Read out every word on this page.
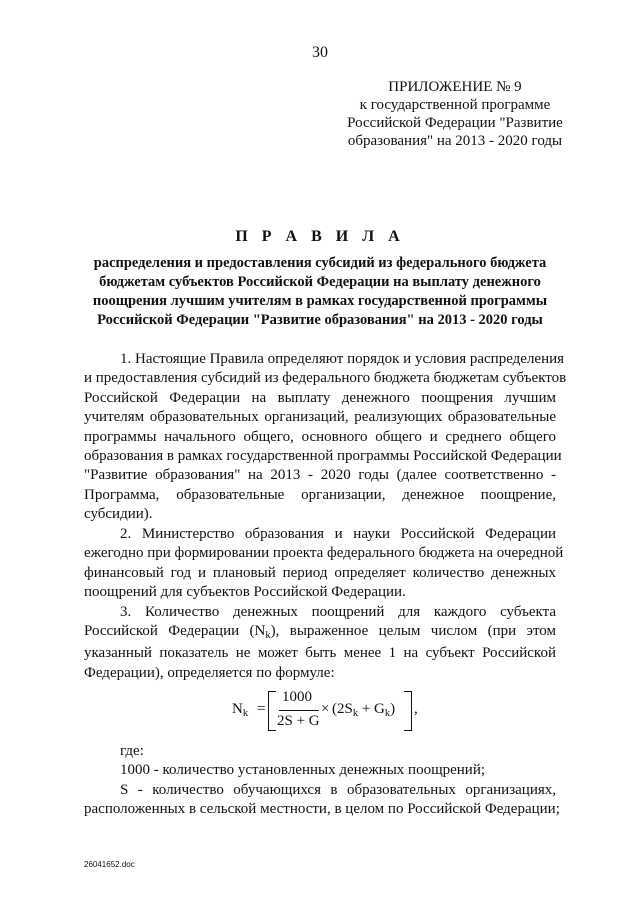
30
ПРИЛОЖЕНИЕ № 9
к государственной программе
Российской Федерации "Развитие
образования" на 2013 - 2020 годы
П Р А В И Л А
распределения и предоставления субсидий из федерального бюджета
бюджетам субъектов Российской Федерации на выплату денежного
поощрения лучшим учителям в рамках государственной программы
Российской Федерации "Развитие образования" на 2013 - 2020 годы
1. Настоящие Правила определяют порядок и условия распределения
и предоставления субсидий из федерального бюджета бюджетам субъектов
Российской Федерации на выплату денежного поощрения лучшим
учителям образовательных организаций, реализующих образовательные
программы начального общего, основного общего и среднего общего
образования в рамках государственной программы Российской Федерации
"Развитие образования" на 2013 - 2020 годы (далее соответственно -
Программа, образовательные организации, денежное поощрение,
субсидии).
2. Министерство образования и науки Российской Федерации
ежегодно при формировании проекта федерального бюджета на очередной
финансовый год и плановый период определяет количество денежных
поощрений для субъектов Российской Федерации.
3. Количество денежных поощрений для каждого субъекта
Российской Федерации $(N_k)$, выраженное целым числом (при этом
указанный показатель не может быть менее 1 на субъект Российской
Федерации), определяется по формуле:
$N_k$ =
1000
2S + G
× $(2S_k + G_k)$ ,
где:
1000 - количество установленных денежных поощрений;
S - количество обучающихся в образовательных организациях,
расположенных в сельской местности, в целом по Российской Федерации;
26041652.doc
